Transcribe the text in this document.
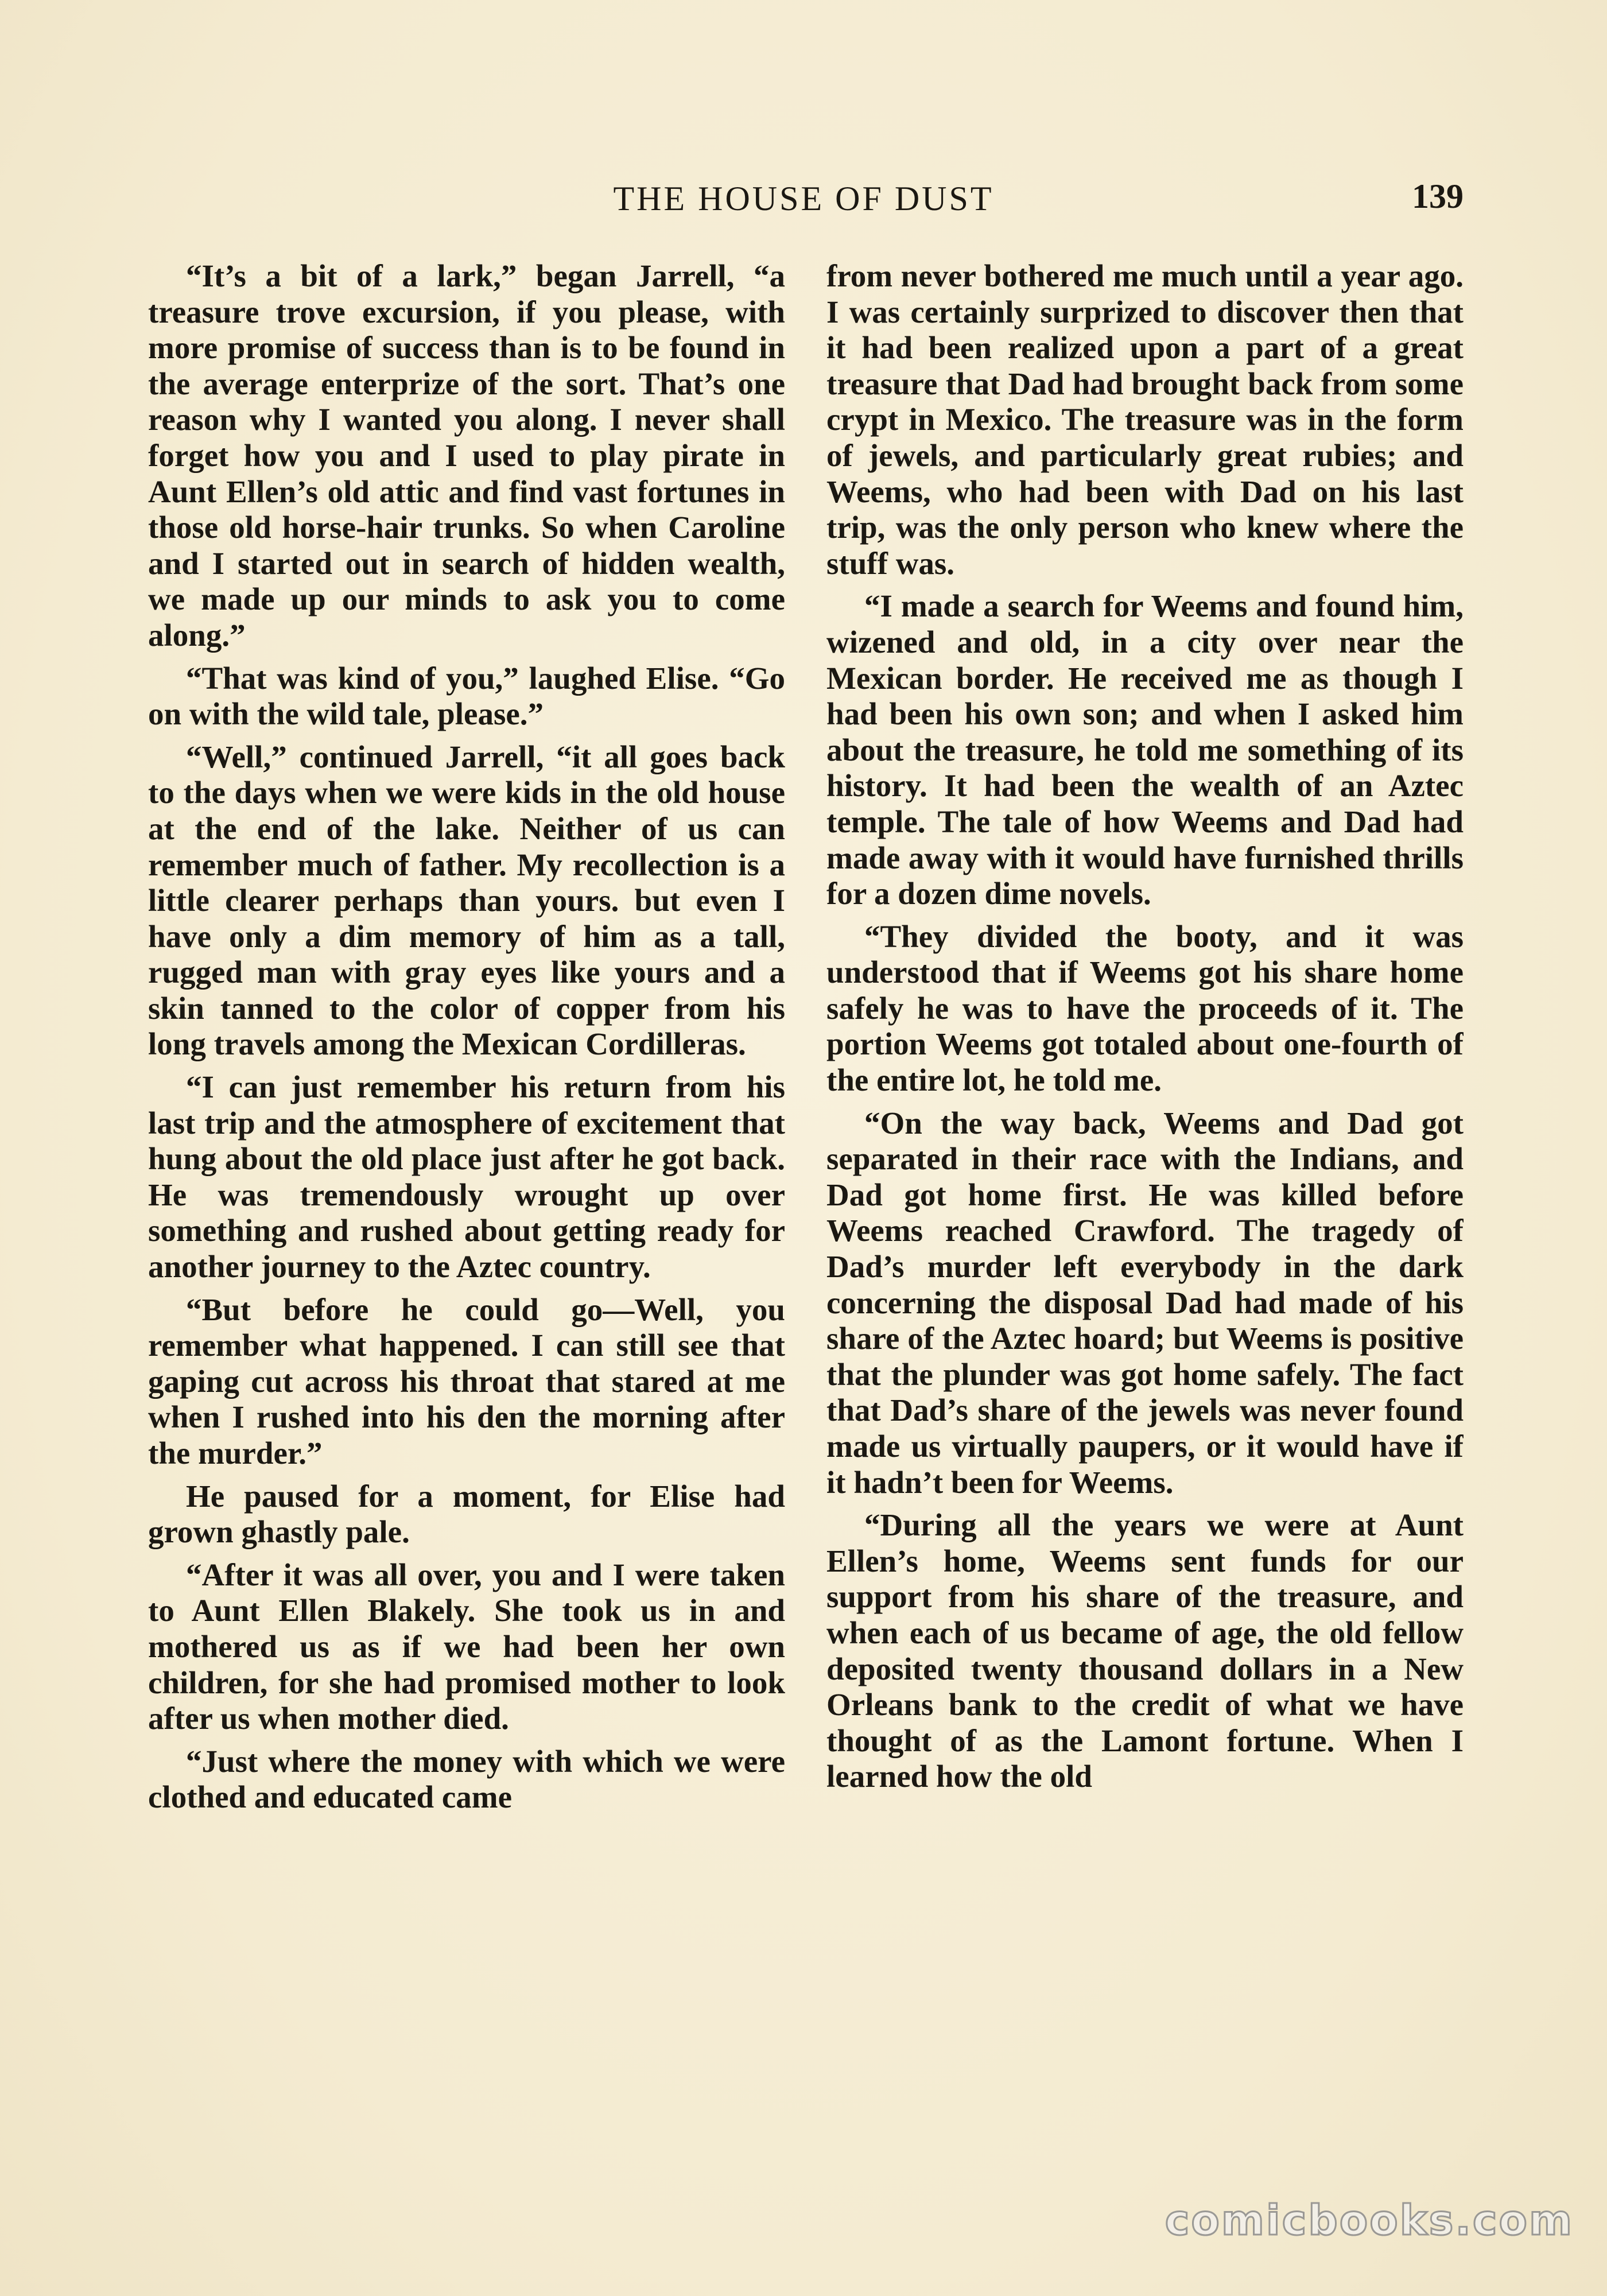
THE HOUSE OF DUST	139

“It’s a bit of a lark,” began Jarrell, “a treasure trove excursion, if you please, with more promise of success than is to be found in the average enterprize of the sort. That’s one reason why I wanted you along. I never shall forget how you and I used to play pirate in Aunt Ellen’s old attic and find vast fortunes in those old horse-hair trunks. So when Caroline and I started out in search of hidden wealth, we made up our minds to ask you to come along.”

“That was kind of you,” laughed Elise. “Go on with the wild tale, please.”

“Well,” continued Jarrell, “it all goes back to the days when we were kids in the old house at the end of the lake. Neither of us can remember much of father. My recollection is a little clearer perhaps than yours. but even I have only a dim memory of him as a tall, rugged man with gray eyes like yours and a skin tanned to the color of copper from his long travels among the Mexican Cordilleras.

“I can just remember his return from his last trip and the atmosphere of excitement that hung about the old place just after he got back. He was tremendously wrought up over something and rushed about getting ready for another journey to the Aztec country.

“But before he could go—Well, you remember what happened. I can still see that gaping cut across his throat that stared at me when I rushed into his den the morning after the murder.”

He paused for a moment, for Elise had grown ghastly pale.

“After it was all over, you and I were taken to Aunt Ellen Blakely. She took us in and mothered us as if we had been her own children, for she had promised mother to look after us when mother died.

“Just where the money with which we were clothed and educated came

from never bothered me much until a year ago. I was certainly surprized to discover then that it had been realized upon a part of a great treasure that Dad had brought back from some crypt in Mexico. The treasure was in the form of jewels, and particularly great rubies; and Weems, who had been with Dad on his last trip, was the only person who knew where the stuff was.

“I made a search for Weems and found him, wizened and old, in a city over near the Mexican border. He received me as though I had been his own son; and when I asked him about the treasure, he told me something of its history. It had been the wealth of an Aztec temple. The tale of how Weems and Dad had made away with it would have furnished thrills for a dozen dime novels.

“They divided the booty, and it was understood that if Weems got his share home safely he was to have the proceeds of it. The portion Weems got totaled about one-fourth of the entire lot, he told me.

“On the way back, Weems and Dad got separated in their race with the Indians, and Dad got home first. He was killed before Weems reached Crawford. The tragedy of Dad’s murder left everybody in the dark concerning the disposal Dad had made of his share of the Aztec hoard; but Weems is positive that the plunder was got home safely. The fact that Dad’s share of the jewels was never found made us virtually paupers, or it would have if it hadn’t been for Weems.

“During all the years we were at Aunt Ellen’s home, Weems sent funds for our support from his share of the treasure, and when each of us became of age, the old fellow deposited twenty thousand dollars in a New Orleans bank to the credit of what we have thought of as the Lamont fortune. When I learned how the old

comicbooks.com
